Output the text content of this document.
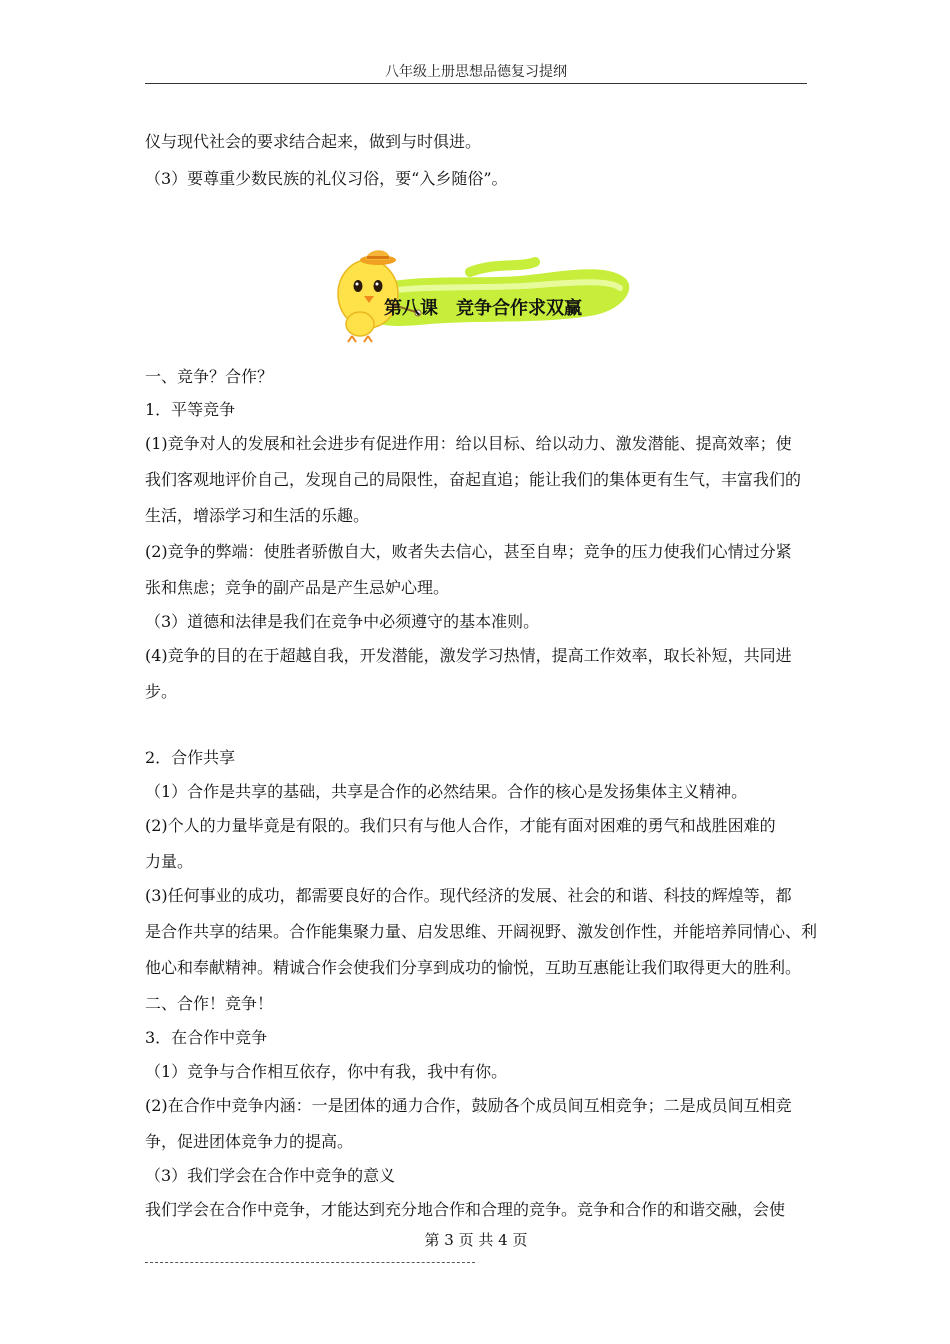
八年级上册思想品德复习提纲
仪与现代社会的要求结合起来，做到与时俱进。
（3）要尊重少数民族的礼仪习俗，要“入乡随俗”。
第八课　竞争合作求双赢
一、竞争？合作？
1．平等竞争
(1)竞争对人的发展和社会进步有促进作用：给以目标、给以动力、激发潜能、提高效率；使
我们客观地评价自己，发现自己的局限性，奋起直追；能让我们的集体更有生气，丰富我们的
生活，增添学习和生活的乐趣。
(2)竞争的弊端：使胜者骄傲自大，败者失去信心，甚至自卑；竞争的压力使我们心情过分紧
张和焦虑；竞争的副产品是产生忌妒心理。
（3）道德和法律是我们在竞争中必须遵守的基本准则。
(4)竞争的目的在于超越自我，开发潜能，激发学习热情，提高工作效率，取长补短，共同进
步。
2．合作共享
（1）合作是共享的基础，共享是合作的必然结果。合作的核心是发扬集体主义精神。
(2)个人的力量毕竟是有限的。我们只有与他人合作，才能有面对困难的勇气和战胜困难的
力量。
(3)任何事业的成功，都需要良好的合作。现代经济的发展、社会的和谐、科技的辉煌等，都
是合作共享的结果。合作能集聚力量、启发思维、开阔视野、激发创作性，并能培养同情心、利
他心和奉献精神。精诚合作会使我们分享到成功的愉悦，互助互惠能让我们取得更大的胜利。
二、合作！竞争！
3．在合作中竞争
（1）竞争与合作相互依存，你中有我，我中有你。
(2)在合作中竞争内涵：一是团体的通力合作，鼓励各个成员间互相竞争；二是成员间互相竞
争，促进团体竞争力的提高。
（3）我们学会在合作中竞争的意义
我们学会在合作中竞争，才能达到充分地合作和合理的竞争。竞争和合作的和谐交融，会使
第 3 页 共 4 页
